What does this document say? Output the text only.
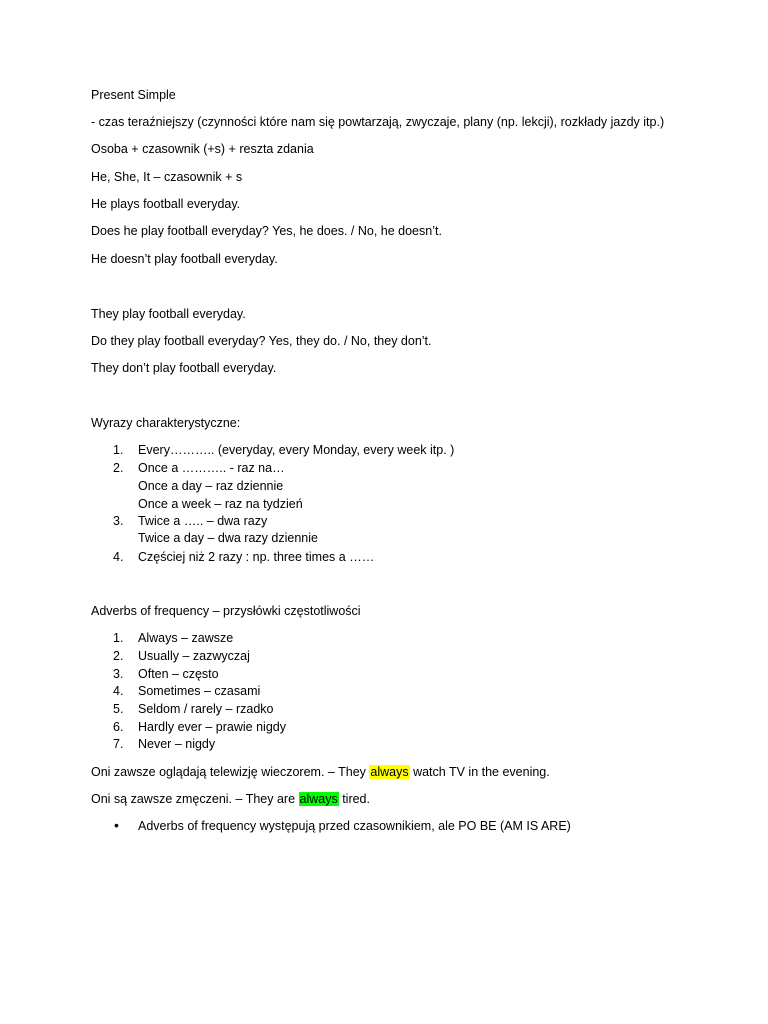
Present Simple
- czas teraźniejszy (czynności które nam się powtarzają, zwyczaje, plany (np. lekcji), rozkłady jazdy itp.)
Osoba + czasownik (+s) + reszta zdania
He, She, It – czasownik + s
He plays football everyday.
Does he play football everyday? Yes, he does. / No, he doesn’t.
He doesn’t play football everyday.
They play football everyday.
Do they play football everyday? Yes, they do. / No, they don’t.
They don’t play football everyday.
Wyrazy charakterystyczne:
1. Every……….. (everyday, every Monday, every week itp. )
2. Once a ……….. - raz na…
Once a day – raz dziennie
Once a week – raz na tydzień
3. Twice a ….. – dwa razy
Twice a day – dwa razy dziennie
4. Częściej niż 2 razy : np. three times a ……
Adverbs of frequency – przysłówki częstotliwości
1. Always – zawsze
2. Usually – zazwyczaj
3. Often – często
4. Sometimes – czasami
5. Seldom / rarely – rzadko
6. Hardly ever – prawie nigdy
7. Never – nigdy
Oni zawsze oglądają telewizję wieczorem. – They always watch TV in the evening.
Oni są zawsze zmęczeni. – They are always tired.
• Adverbs of frequency występują przed czasownikiem, ale PO BE (AM IS ARE)
